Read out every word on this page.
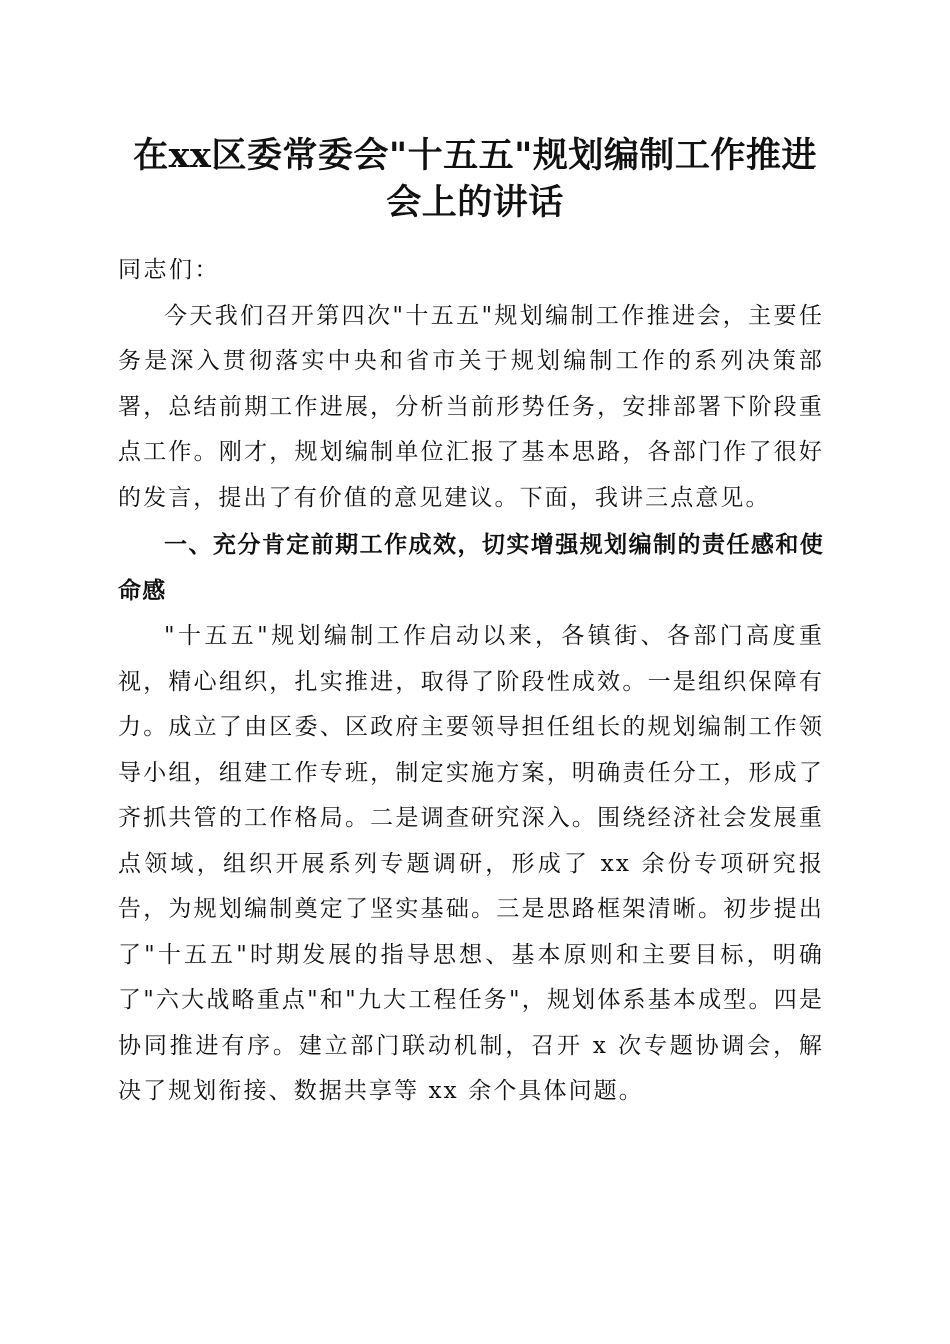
在xx区委常委会"十五五"规划编制工作推进
会上的讲话

同志们：

今天我们召开第四次"十五五"规划编制工作推进会，主要任务是深入贯彻落实中央和省市关于规划编制工作的系列决策部署，总结前期工作进展，分析当前形势任务，安排部署下阶段重点工作。刚才，规划编制单位汇报了基本思路，各部门作了很好的发言，提出了有价值的意见建议。下面，我讲三点意见。

一、充分肯定前期工作成效，切实增强规划编制的责任感和使命感

"十五五"规划编制工作启动以来，各镇街、各部门高度重视，精心组织，扎实推进，取得了阶段性成效。一是组织保障有力。成立了由区委、区政府主要领导担任组长的规划编制工作领导小组，组建工作专班，制定实施方案，明确责任分工，形成了齐抓共管的工作格局。二是调查研究深入。围绕经济社会发展重点领域，组织开展系列专题调研，形成了 xx 余份专项研究报告，为规划编制奠定了坚实基础。三是思路框架清晰。初步提出了"十五五"时期发展的指导思想、基本原则和主要目标，明确了"六大战略重点"和"九大工程任务"，规划体系基本成型。四是协同推进有序。建立部门联动机制，召开 x 次专题协调会，解决了规划衔接、数据共享等 xx 余个具体问题。
